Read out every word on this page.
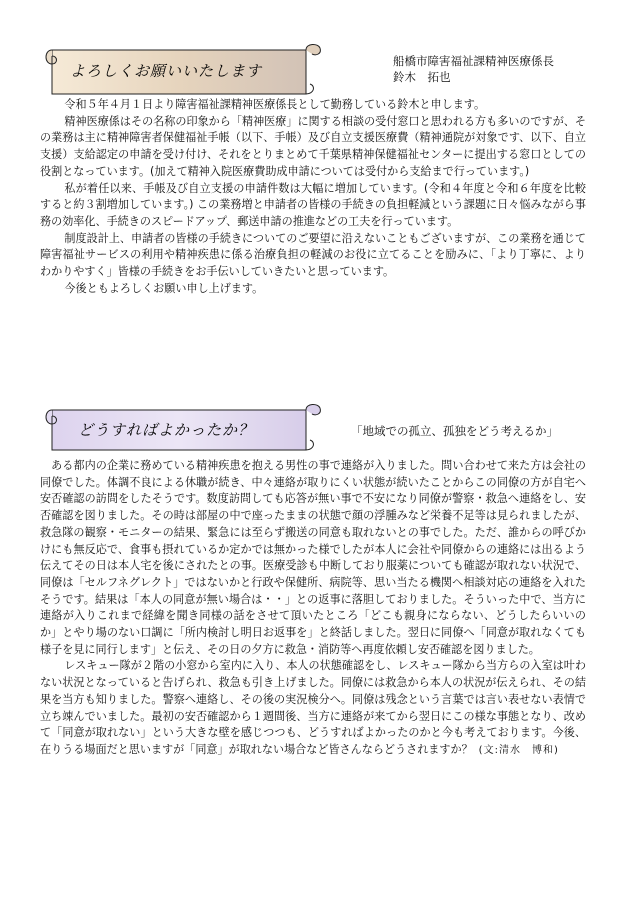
よろしくお願いいたします
船橋市障害福祉課精神医療係長
鈴木　拓也

令和５年４月１日より障害福祉課精神医療係長として勤務している鈴木と申します。

精神医療係はその名称の印象から「精神医療」に関する相談の受付窓口と思われる方も多いのですが、その業務は主に精神障害者保健福祉手帳（以下、手帳）及び自立支援医療費（精神通院が対象です、以下、自立支援）支給認定の申請を受け付け、それをとりまとめて千葉県精神保健福祉センターに提出する窓口としての役割となっています。(加えて精神入院医療費助成申請については受付から支給まで行っています。)

私が着任以来、手帳及び自立支援の申請件数は大幅に増加しています。(令和４年度と令和６年度を比較すると約３割増加しています。) この業務増と申請者の皆様の手続きの負担軽減という課題に日々悩みながら事務の効率化、手続きのスピードアップ、郵送申請の推進などの工夫を行っています。

制度設計上、申請者の皆様の手続きについてのご要望に沿えないこともございますが、この業務を通じて障害福祉サービスの利用や精神疾患に係る治療負担の軽減のお役に立てることを励みに、「より丁寧に、よりわかりやすく」皆様の手続きをお手伝いしていきたいと思っています。

今後ともよろしくお願い申し上げます。

どうすればよかったか？	「地域での孤立、孤独をどう考えるか」

　ある都内の企業に務めている精神疾患を抱える男性の事で連絡が入りました。問い合わせて来た方は会社の同僚でした。体調不良による休職が続き、中々連絡が取りにくい状態が続いたことからこの同僚の方が自宅へ安否確認の訪問をしたそうです。数度訪問しても応答が無い事で不安になり同僚が警察・救急へ連絡をし、安否確認を図りました。その時は部屋の中で座ったままの状態で顔の浮腫みなど栄養不足等は見られましたが、救急隊の観察・モニターの結果、緊急には至らず搬送の同意も取れないとの事でした。ただ、誰からの呼びかけにも無反応で、食事も摂れているか定かでは無かった様でしたが本人に会社や同僚からの連絡には出るよう伝えてその日は本人宅を後にされたとの事。医療受診も中断しており服薬についても確認が取れない状況で、同僚は「セルフネグレクト」ではないかと行政や保健所、病院等、思い当たる機関へ相談対応の連絡を入れたそうです。結果は「本人の同意が無い場合は・・」との返事に落胆しておりました。そういった中で、当方に連絡が入りこれまで経緯を聞き同様の話をさせて頂いたところ「どこも親身にならない、どうしたらいいのか」とやり場のない口調に「所内検討し明日お返事を」と終話しました。翌日に同僚へ「同意が取れなくても様子を見に同行します」と伝え、その日の夕方に救急・消防等へ再度依頼し安否確認を図りました。

レスキュー隊が２階の小窓から室内に入り、本人の状態確認をし、レスキュー隊から当方らの入室は叶わない状況となっていると告げられ、救急も引き上げました。同僚には救急から本人の状況が伝えられ、その結果を当方も知りました。警察へ連絡し、その後の実況検分へ。同僚は残念という言葉では言い表せない表情で立ち竦んでいました。最初の安否確認から１週間後、当方に連絡が来てから翌日にこの様な事態となり、改めて「同意が取れない」という大きな壁を感じつつも、どうすればよかったのかと今も考えております。今後、在りうる場面だと思いますが「同意」が取れない場合など皆さんならどうされますか？ (文:清水　博和)
